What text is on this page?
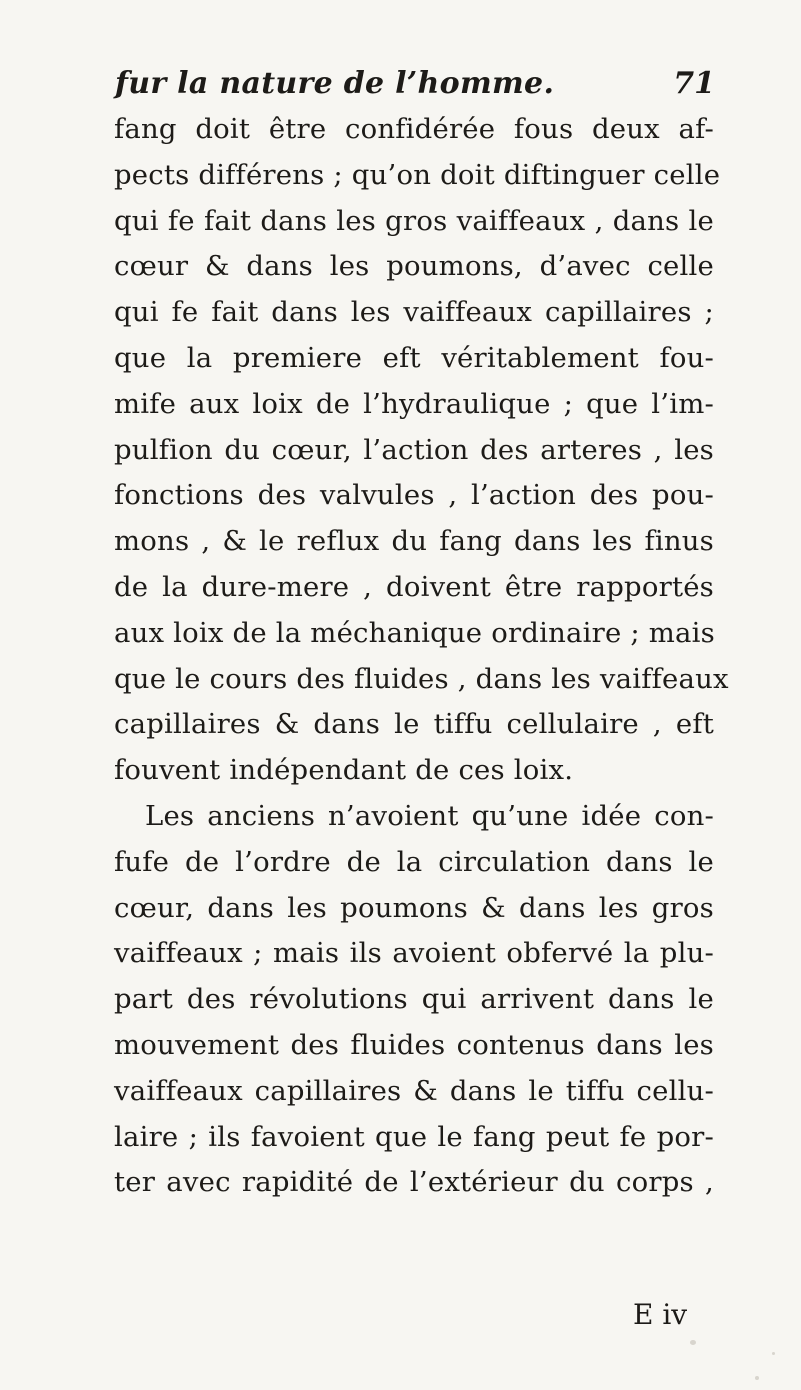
fur la nature de l’homme.	71
fang doit être confidérée fous deux af-
pects différens ; qu’on doit diftinguer celle
qui fe fait dans les gros vaiffeaux , dans le
cœur & dans les poumons, d’avec celle
qui fe fait dans les vaiffeaux capillaires ;
que la premiere eft véritablement fou-
mife aux loix de l’hydraulique ; que l’im-
pulfion du cœur, l’action des arteres , les
fonctions des valvules , l’action des pou-
mons , & le reflux du fang dans les finus
de la dure-mere , doivent être rapportés
aux loix de la méchanique ordinaire ; mais
que le cours des fluides , dans les vaiffeaux
capillaires & dans le tiffu cellulaire , eft
fouvent indépendant de ces loix.
Les anciens n’avoient qu’une idée con-
fufe de l’ordre de la circulation dans le
cœur, dans les poumons & dans les gros
vaiffeaux ; mais ils avoient obfervé la plu-
part des révolutions qui arrivent dans le
mouvement des fluides contenus dans les
vaiffeaux capillaires & dans le tiffu cellu-
laire ; ils favoient que le fang peut fe por-
ter avec rapidité de l’extérieur du corps ,
E iv
